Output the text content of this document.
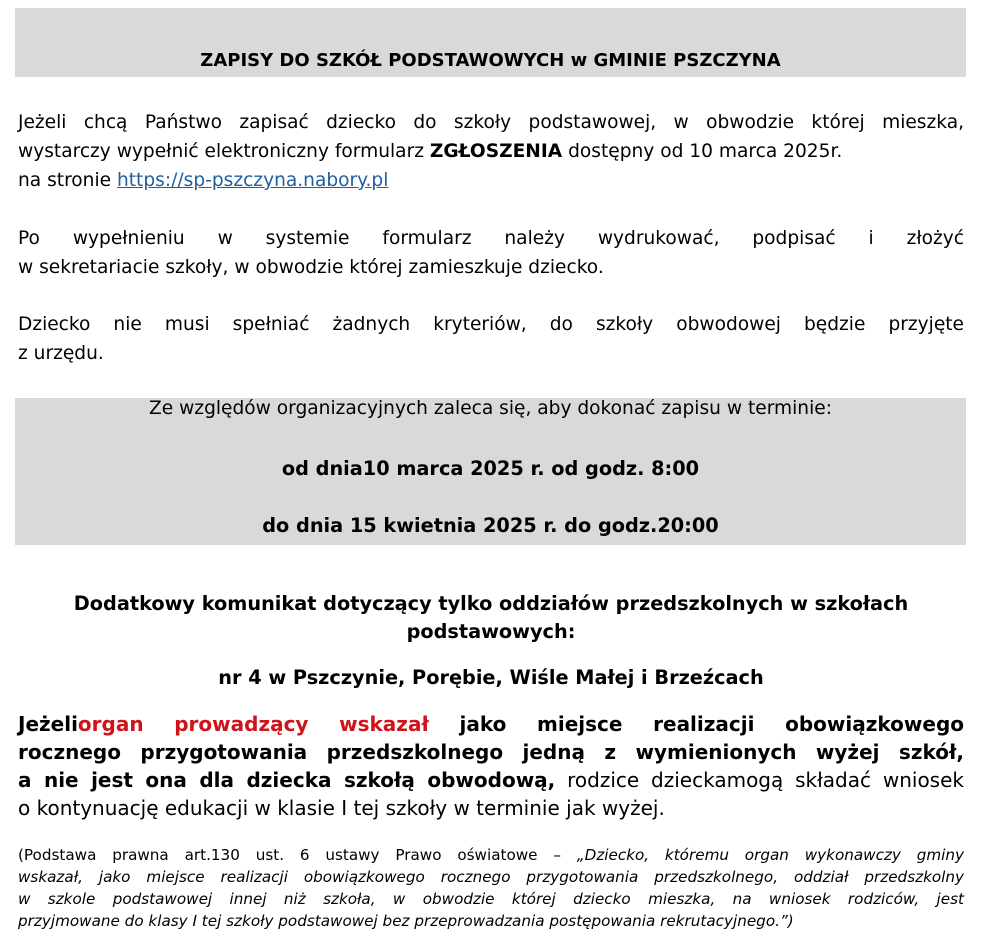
ZAPISY DO SZKÓŁ PODSTAWOWYCH w GMINIE PSZCZYNA
Jeżeli chcą Państwo zapisać dziecko do szkoły podstawowej, w obwodzie której mieszka,
wystarczy wypełnić elektroniczny formularz ZGŁOSZENIA dostępny od 10 marca 2025r.
na stronie https://sp-pszczyna.nabory.pl
Po wypełnieniu w systemie formularz należy wydrukować, podpisać i złożyć
w sekretariacie szkoły, w obwodzie której zamieszkuje dziecko.
Dziecko nie musi spełniać żadnych kryteriów, do szkoły obwodowej będzie przyjęte
z urzędu.
Ze względów organizacyjnych zaleca się, aby dokonać zapisu w terminie:
od dnia10 marca 2025 r. od godz. 8:00
do dnia 15 kwietnia 2025 r. do godz.20:00
Dodatkowy komunikat dotyczący tylko oddziałów przedszkolnych w szkołach
podstawowych:
nr 4 w Pszczynie, Porębie, Wiśle Małej i Brzeźcach
Jeżeliorgan prowadzący wskazał jako miejsce realizacji obowiązkowego
rocznego przygotowania przedszkolnego jedną z wymienionych wyżej szkół,
a nie jest ona dla dziecka szkołą obwodową, rodzice dzieckamogą składać wniosek
o kontynuację edukacji w klasie I tej szkoły w terminie jak wyżej.
(Podstawa prawna art.130 ust. 6 ustawy Prawo oświatowe – „Dziecko, któremu organ wykonawczy gminy
wskazał, jako miejsce realizacji obowiązkowego rocznego przygotowania przedszkolnego, oddział przedszkolny
w szkole podstawowej innej niż szkoła, w obwodzie której dziecko mieszka, na wniosek rodziców, jest
przyjmowane do klasy I tej szkoły podstawowej bez przeprowadzania postępowania rekrutacyjnego.”)
